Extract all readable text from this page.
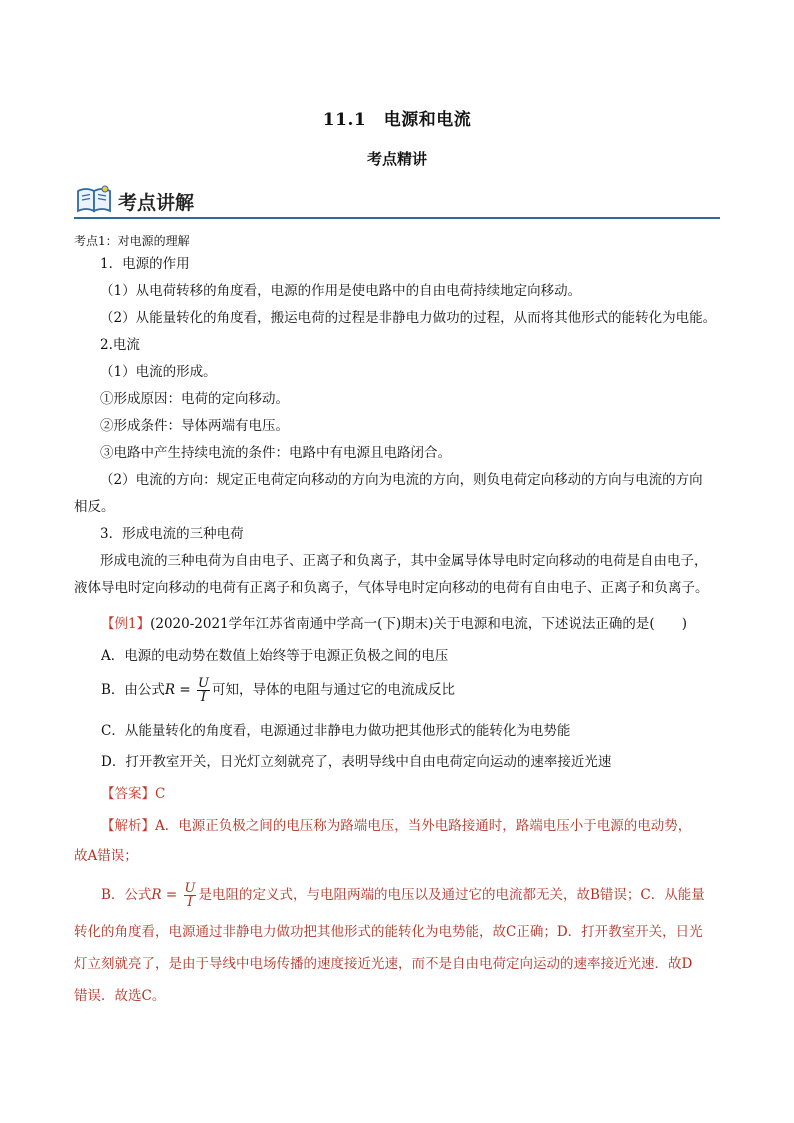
11.1　电源和电流
考点精讲
考点讲解
考点1：对电源的理解
1．电源的作用
（1）从电荷转移的角度看，电源的作用是使电路中的自由电荷持续地定向移动。
（2）从能量转化的角度看，搬运电荷的过程是非静电力做功的过程，从而将其他形式的能转化为电能。
2.电流
（1）电流的形成。
①形成原因：电荷的定向移动。
②形成条件：导体两端有电压。
③电路中产生持续电流的条件：电路中有电源且电路闭合。
（2）电流的方向：规定正电荷定向移动的方向为电流的方向，则负电荷定向移动的方向与电流的方向
相反。
3．形成电流的三种电荷
形成电流的三种电荷为自由电子、正离子和负离子，其中金属导体导电时定向移动的电荷是自由电子，
液体导电时定向移动的电荷有正离子和负离子，气体导电时定向移动的电荷有自由电子、正离子和负离子。
【例1】(2020-2021学年江苏省南通中学高一(下)期末)关于电源和电流，下述说法正确的是(　　)
A．电源的电动势在数值上始终等于电源正负极之间的电压
B．由公式$R = \frac{U}{I}$ 可知，导体的电阻与通过它的电流成反比
C．从能量转化的角度看，电源通过非静电力做功把其他形式的能转化为电势能
D．打开教室开关，日光灯立刻就亮了，表明导线中自由电荷定向运动的速率接近光速
【答案】C
【解析】A．电源正负极之间的电压称为路端电压，当外电路接通时，路端电压小于电源的电动势，
故A错误；
B．公式$R = \frac{U}{I}$ 是电阻的定义式，与电阻两端的电压以及通过它的电流都无关，故B错误；C．从能量
转化的角度看，电源通过非静电力做功把其他形式的能转化为电势能，故C正确；D．打开教室开关，日光
灯立刻就亮了，是由于导线中电场传播的速度接近光速，而不是自由电荷定向运动的速率接近光速．故D
错误．故选C。
